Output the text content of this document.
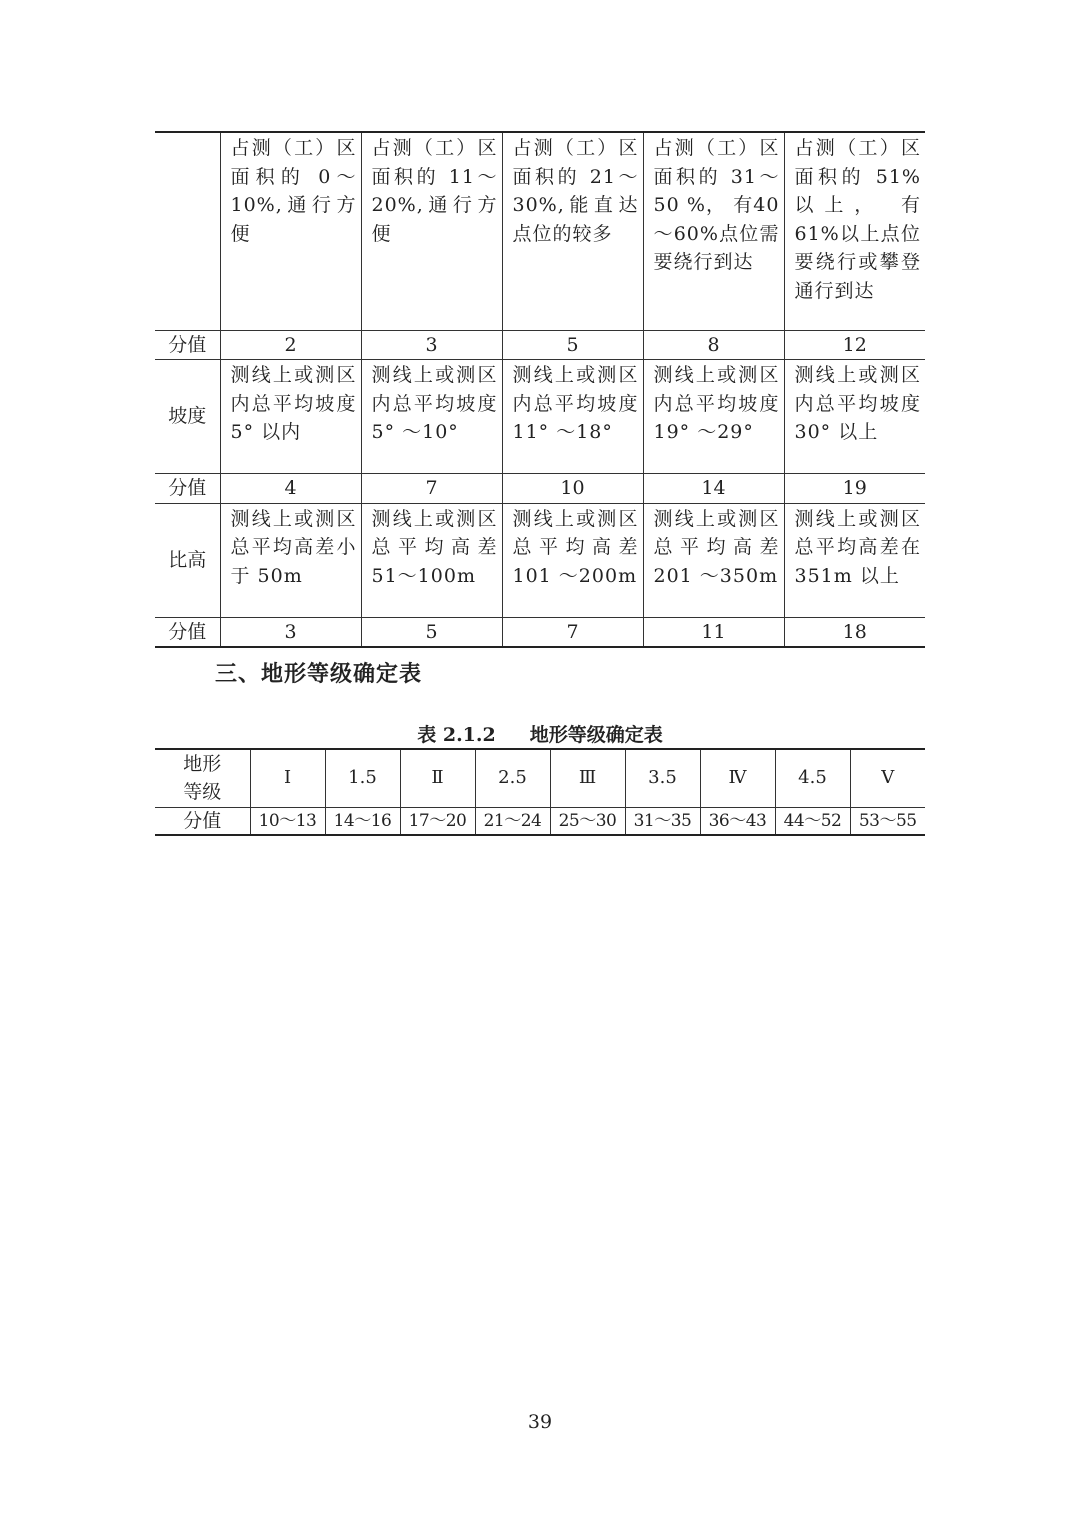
	占测（工）区面积的 0～10%,通行方便	占测（工）区面积的 11～20%,通行方便	占测（工）区面积的 21～30%,能直达点位的较多	占测（工）区面积的 31～50 %， 有40～60%点位需要绕行到达	占测（工）区面积的 51%以上， 有61%以上点位要绕行或攀登通行到达
分值	2	3	5	8	12
坡度	测线上或测区内总平均坡度 5° 以内	测线上或测区内总平均坡度 5° ～10°	测线上或测区内总平均坡度 11° ～18°	测线上或测区内总平均坡度 19° ～29°	测线上或测区内总平均坡度 30° 以上
分值	4	7	10	14	19
比高	测线上或测区总平均高差小于 50m	测线上或测区总平均高差 51～100m	测线上或测区总平均高差 101 ～200m	测线上或测区总平均高差 201 ～350m	测线上或测区总平均高差在 351m 以上
分值	3	5	7	11	18
三、地形等级确定表
表 2.1.2 地形等级确定表
地形等级	Ⅰ	1.5	Ⅱ	2.5	Ⅲ	3.5	Ⅳ	4.5	Ⅴ
分值	10～13	14～16	17～20	21～24	25～30	31～35	36～43	44～52	53～55
39
